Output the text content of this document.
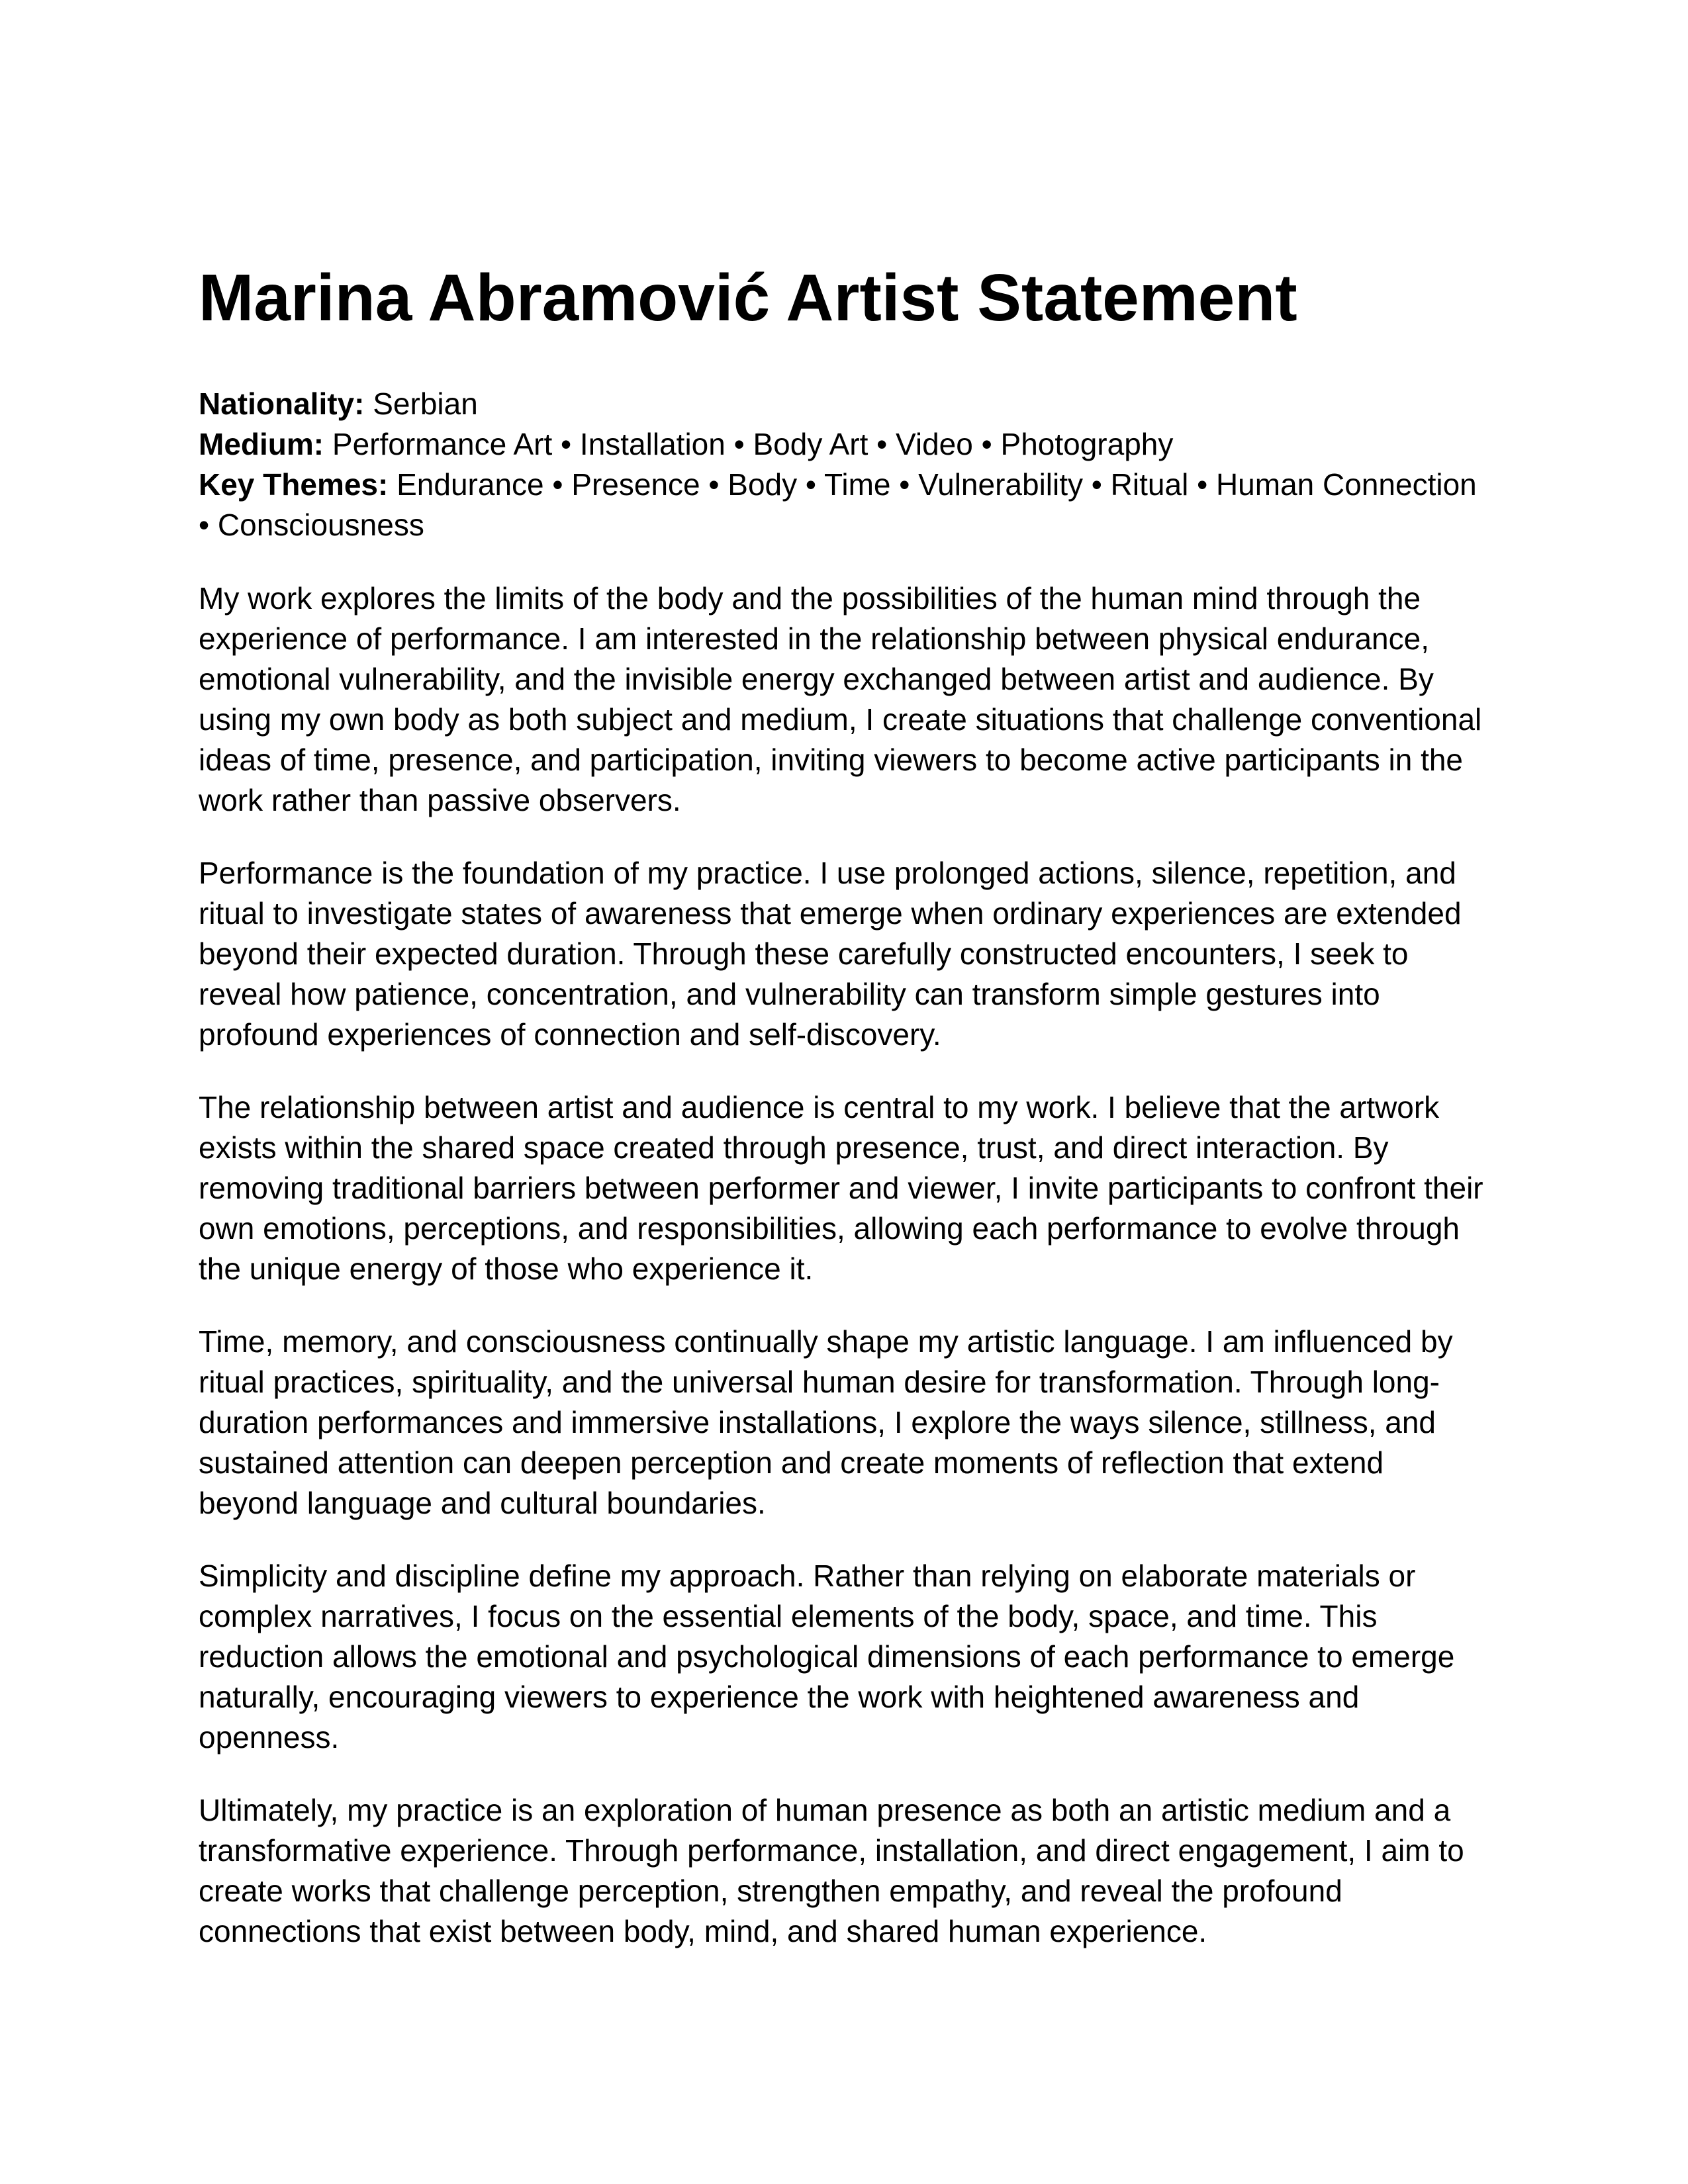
Marina Abramović Artist Statement
Nationality: Serbian
Medium: Performance Art • Installation • Body Art • Video • Photography
Key Themes: Endurance • Presence • Body • Time • Vulnerability • Ritual • Human Connection • Consciousness

My work explores the limits of the body and the possibilities of the human mind through the experience of performance. I am interested in the relationship between physical endurance, emotional vulnerability, and the invisible energy exchanged between artist and audience. By using my own body as both subject and medium, I create situations that challenge conventional ideas of time, presence, and participation, inviting viewers to become active participants in the work rather than passive observers.

Performance is the foundation of my practice. I use prolonged actions, silence, repetition, and ritual to investigate states of awareness that emerge when ordinary experiences are extended beyond their expected duration. Through these carefully constructed encounters, I seek to reveal how patience, concentration, and vulnerability can transform simple gestures into profound experiences of connection and self-discovery.

The relationship between artist and audience is central to my work. I believe that the artwork exists within the shared space created through presence, trust, and direct interaction. By removing traditional barriers between performer and viewer, I invite participants to confront their own emotions, perceptions, and responsibilities, allowing each performance to evolve through the unique energy of those who experience it.

Time, memory, and consciousness continually shape my artistic language. I am influenced by ritual practices, spirituality, and the universal human desire for transformation. Through long-duration performances and immersive installations, I explore the ways silence, stillness, and sustained attention can deepen perception and create moments of reflection that extend beyond language and cultural boundaries.

Simplicity and discipline define my approach. Rather than relying on elaborate materials or complex narratives, I focus on the essential elements of the body, space, and time. This reduction allows the emotional and psychological dimensions of each performance to emerge naturally, encouraging viewers to experience the work with heightened awareness and openness.

Ultimately, my practice is an exploration of human presence as both an artistic medium and a transformative experience. Through performance, installation, and direct engagement, I aim to create works that challenge perception, strengthen empathy, and reveal the profound connections that exist between body, mind, and shared human experience.
